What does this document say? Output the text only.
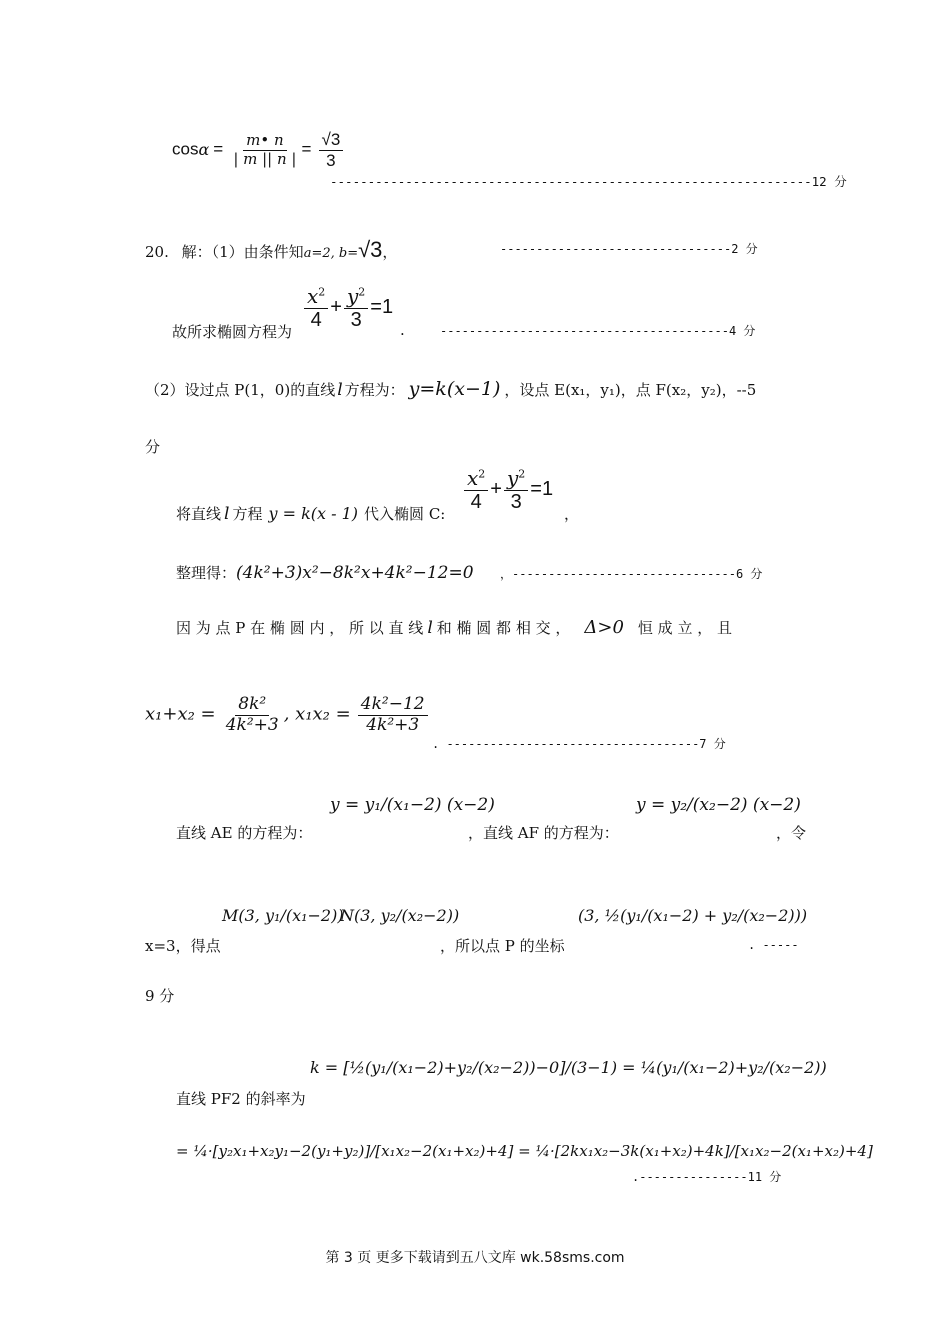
$\cos\alpha = \frac{m• n}{| m || n |} = \frac{√3}{3}$
----------------------------------------------------------------12 分
20. 解：（1）由条件知a=2, b=√3，	--------------------------------2 分
故所求椭圆方程为 $\frac{x^2}{4} + \frac{y^2}{3} =1$
.	----------------------------------------4 分
（2）设过点 P(1，0)的直线 l 方程为： y=k(x−1) ，设点 E(x₁，y₁)，点 F(x₂，y₂)，--5
分
将直线 l 方程 y = k(x - 1) 代入椭圆 C: $\frac{x^2}{4} + \frac{y^2}{3} =1$
，
整理得：(4k²+3)x²−8k²x+4k²−12=0 ，-------------------------------6 分
因 为 点 P 在 椭 圆 内 ， 所 以 直 线 l 和 椭 圆 都 相 交 ， Δ>0 恒 成 立 ， 且
$x_1+x_2 = \frac{\text{8k²}}{\text{4k²+3}}$ , $x_1x_2 = \frac{\text{4k²−12}}{\text{4k²+3}}$
. -----------------------------------7 分
直线 AE 的方程为：
y = y₁/(x₁−2) (x−2)
，直线 AF 的方程为：
y = y₂/(x₂−2) (x−2)
，令
x=3，得点
M(3, y₁/(x₁−2))
N(3, y₂/(x₂−2))
，所以点 P 的坐标
(3, ½(y₁/(x₁−2) + y₂/(x₂−2)))
. -----
9 分
直线 PF2 的斜率为
k = [½(y₁/(x₁−2)+y₂/(x₂−2))−0]/(3−1) = ¼(y₁/(x₁−2)+y₂/(x₂−2))
= ¼·[y₂x₁+x₂y₁−2(y₁+y₂)]/[x₁x₂−2(x₁+x₂)+4] = ¼·[2kx₁x₂−3k(x₁+x₂)+4k]/[x₁x₂−2(x₁+x₂)+4]
.---------------11 分
第 3 页 更多下载请到五八文库 wk.58sms.com
